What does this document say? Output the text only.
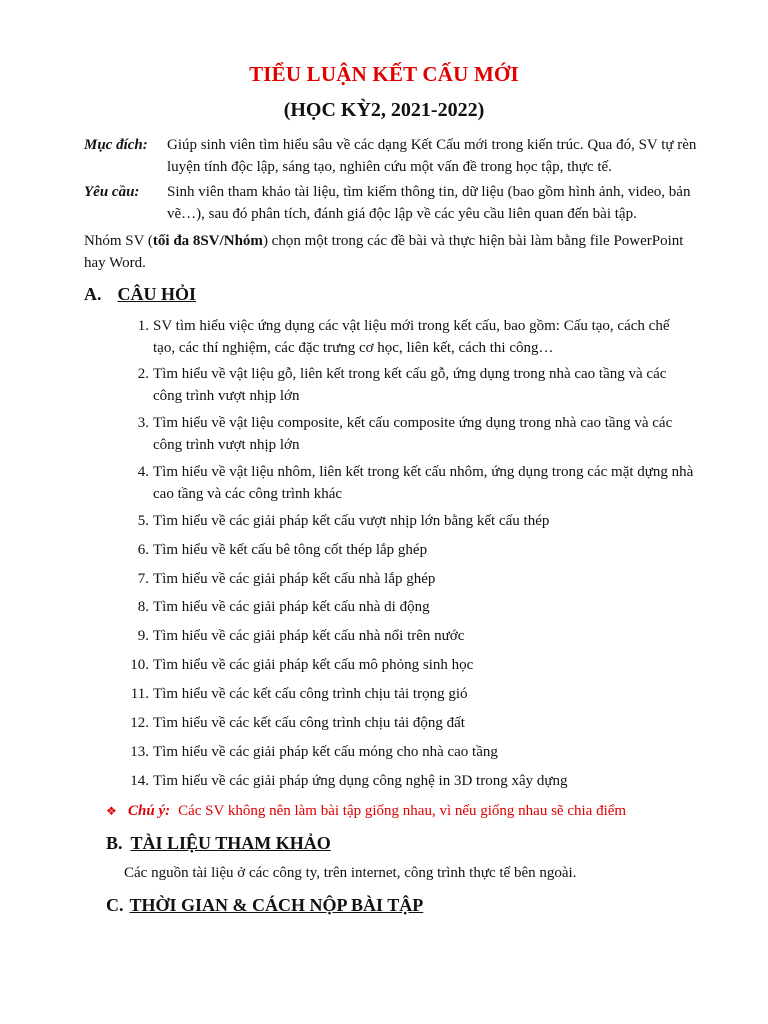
TIỂU LUẬN KẾT CẤU MỚI
(HỌC KỲ2, 2021-2022)
Mục đích: Giúp sinh viên tìm hiểu sâu về các dạng Kết Cấu mới trong kiến trúc. Qua đó, SV tự rèn
luyện tính độc lập, sáng tạo, nghiên cứu một vấn đề trong học tập, thực tế.
Yêu cầu: Sinh viên tham khảo tài liệu, tìm kiếm thông tin, dữ liệu (bao gồm hình ảnh, video, bản
vẽ…), sau đó phân tích, đánh giá độc lập về các yêu cầu liên quan đến bài tập.
Nhóm SV (tối đa 8SV/Nhóm) chọn một trong các đề bài và thực hiện bài làm bằng file PowerPoint
hay Word.
A. CÂU HỎI
1. SV tìm hiểu việc ứng dụng các vật liệu mới trong kết cấu, bao gồm: Cấu tạo, cách chế
tạo, các thí nghiệm, các đặc trưng cơ học, liên kết, cách thi công…
2. Tìm hiểu về vật liệu gỗ, liên kết trong kết cấu gỗ, ứng dụng trong nhà cao tầng và các
công trình vượt nhịp lớn
3. Tìm hiểu về vật liệu composite, kết cấu composite ứng dụng trong nhà cao tầng và các
công trình vượt nhịp lớn
4. Tìm hiểu về vật liệu nhôm, liên kết trong kết cấu nhôm, ứng dụng trong các mặt dựng nhà
cao tầng và các công trình khác
5. Tìm hiểu về các giải pháp kết cấu vượt nhịp lớn bằng kết cấu thép
6. Tìm hiểu về kết cấu bê tông cốt thép lắp ghép
7. Tìm hiểu về các giải pháp kết cấu nhà lắp ghép
8. Tìm hiểu về các giải pháp kết cấu nhà di động
9. Tìm hiểu về các giải pháp kết cấu nhà nổi trên nước
10. Tìm hiểu về các giải pháp kết cấu mô phỏng sinh học
11. Tìm hiểu về các kết cấu công trình chịu tải trọng gió
12. Tìm hiểu về các kết cấu công trình chịu tải động đất
13. Tìm hiểu về các giải pháp kết cấu móng cho nhà cao tầng
14. Tìm hiểu về các giải pháp ứng dụng công nghệ in 3D trong xây dựng
❖ Chú ý: Các SV không nên làm bài tập giống nhau, vì nếu giống nhau sẽ chia điểm
B. TÀI LIỆU THAM KHẢO
Các nguồn tài liệu ở các công ty, trên internet, công trình thực tế bên ngoài.
C. THỜI GIAN & CÁCH NỘP BÀI TẬP
